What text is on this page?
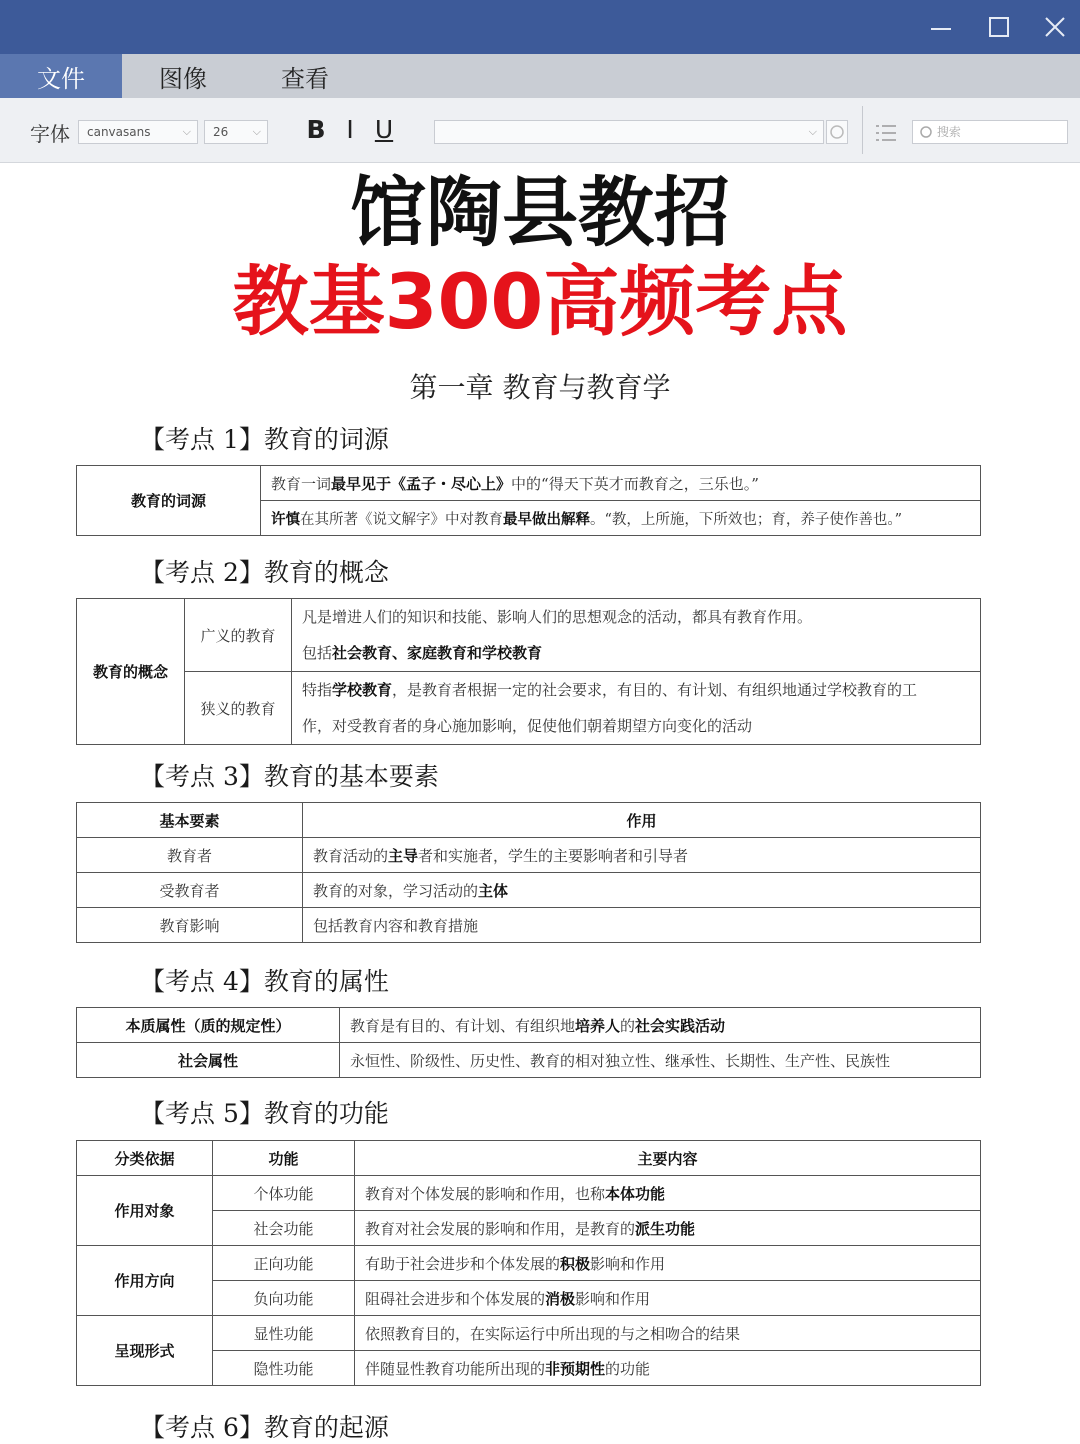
文件	图像	查看
字体	canvasans	⌵	26 ⌵ B I U	⌵	搜索
馆陶县教招
教基300高频考点
第一章 教育与教育学
【考点 1】教育的词源
教育的词源	教育一词最早见于《孟子・尽心上》中的“得天下英才而教育之，三乐也。”
许慎在其所著《说文解字》中对教育最早做出解释。“教，上所施，下所效也；育，养子使作善也。”
【考点 2】教育的概念
教育的概念	广义的教育	凡是增进人们的知识和技能、影响人们的思想观念的活动，都具有教育作用。
包括社会教育、家庭教育和学校教育
	狭义的教育	特指学校教育，是教育者根据一定的社会要求，有目的、有计划、有组织地通过学校教育的工
作，对受教育者的身心施加影响，促使他们朝着期望方向变化的活动
【考点 3】教育的基本要素
基本要素	作用
教育者	教育活动的主导者和实施者，学生的主要影响者和引导者
受教育者	教育的对象，学习活动的主体
教育影响	包括教育内容和教育措施
【考点 4】教育的属性
本质属性（质的规定性）	教育是有目的、有计划、有组织地培养人的社会实践活动
社会属性	永恒性、阶级性、历史性、教育的相对独立性、继承性、长期性、生产性、民族性
【考点 5】教育的功能
分类依据	功能	主要内容
作用对象	个体功能	教育对个体发展的影响和作用，也称本体功能
	社会功能	教育对社会发展的影响和作用，是教育的派生功能
作用方向	正向功能	有助于社会进步和个体发展的积极影响和作用
	负向功能	阻碍社会进步和个体发展的消极影响和作用
呈现形式	显性功能	依照教育目的，在实际运行中所出现的与之相吻合的结果
	隐性功能	伴随显性教育功能所出现的非预期性的功能
【考点 6】教育的起源
